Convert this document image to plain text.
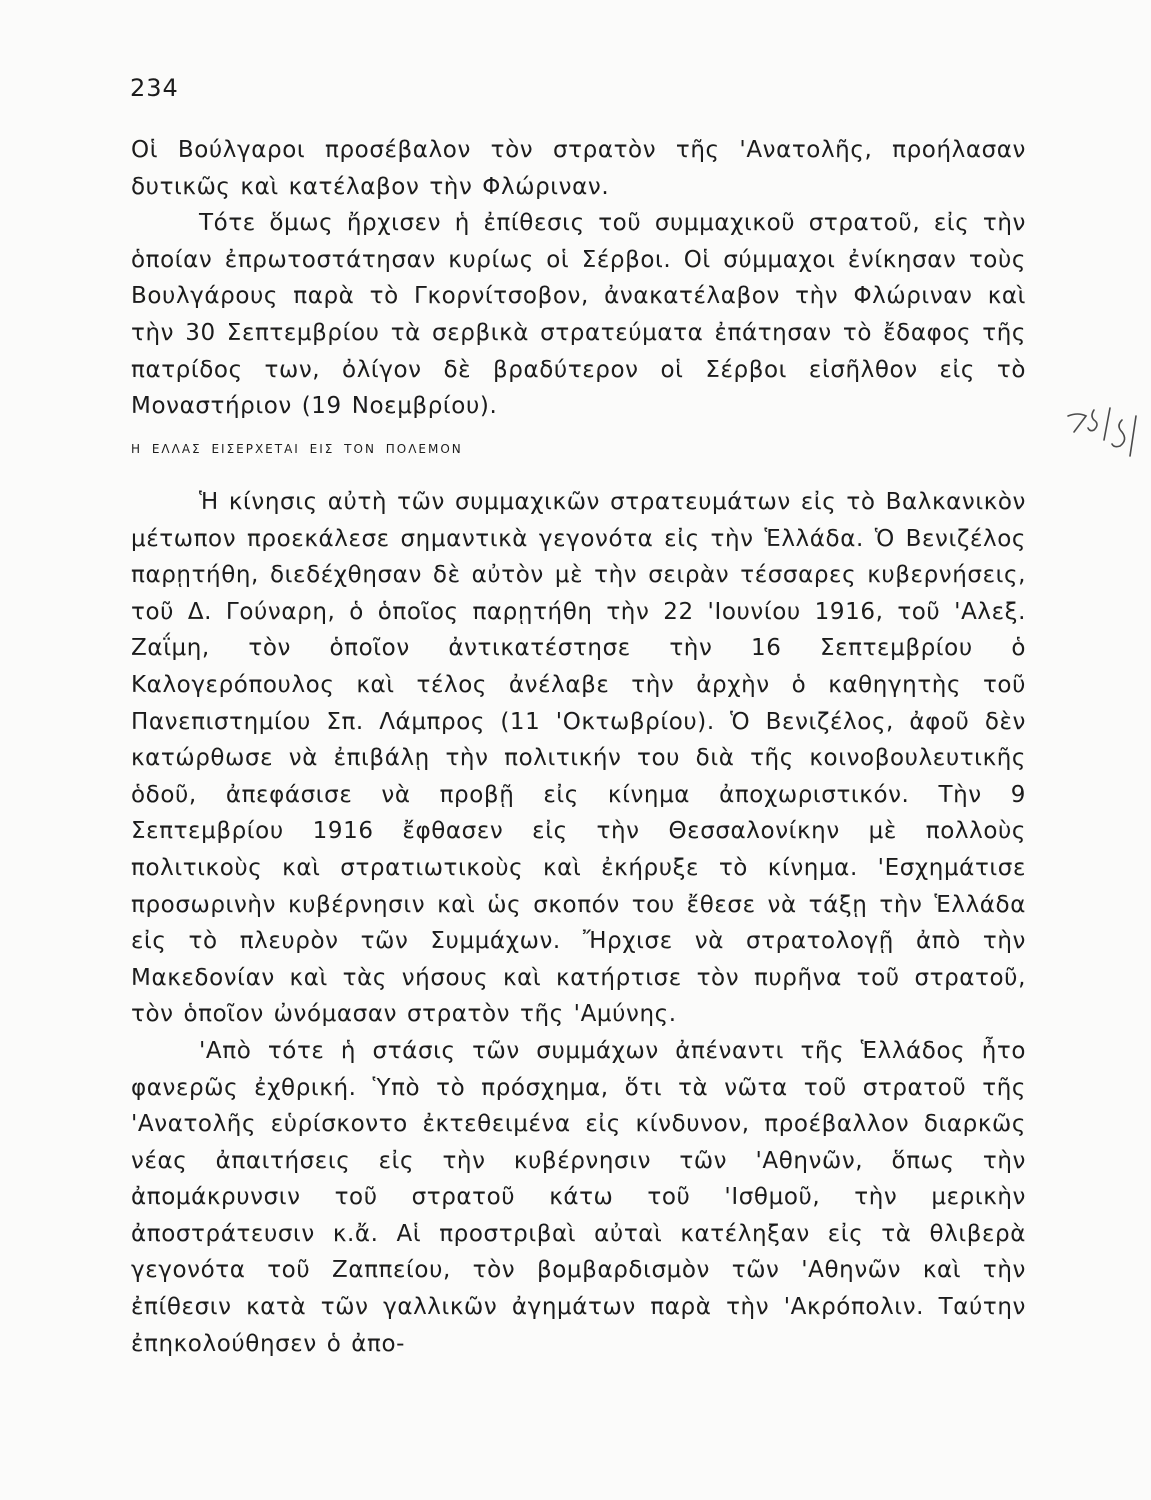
234

Οἱ Βούλγαροι προσέβαλον τὸν στρατὸν τῆς 'Ανατολῆς, προήλασαν δυτικῶς καὶ κατέλαβον τὴν Φλώριναν.

Τότε ὅμως ἤρχισεν ἡ ἐπίθεσις τοῦ συμμαχικοῦ στρατοῦ, εἰς τὴν ὁποίαν ἐπρωτοστάτησαν κυρίως οἱ Σέρβοι. Οἱ σύμμαχοι ἐνίκησαν τοὺς Βουλγάρους παρὰ τὸ Γκορνίτσοβον, ἀνακατέλαβον τὴν Φλώριναν καὶ τὴν 30 Σεπτεμβρίου τὰ σερβικὰ στρατεύματα ἐπάτησαν τὸ ἔδαφος τῆς πατρίδος των, ὀλίγον δὲ βραδύτερον οἱ Σέρβοι εἰσῆλθον εἰς τὸ Μοναστήριον (19 Νοεμβρίου).

Η ΕΛΛΑΣ ΕΙΣΕΡΧΕΤΑΙ ΕΙΣ ΤΟΝ ΠΟΛΕΜΟΝ

Ἡ κίνησις αὐτὴ τῶν συμμαχικῶν στρατευμάτων εἰς τὸ Βαλκανικὸν μέτωπον προεκάλεσε σημαντικὰ γεγονότα εἰς τὴν Ἑλλάδα. Ὁ Βενιζέλος παρῃτήθη, διεδέχθησαν δὲ αὐτὸν μὲ τὴν σειρὰν τέσσαρες κυβερνήσεις, τοῦ Δ. Γούναρη, ὁ ὁποῖος παρῃτήθη τὴν 22 'Ιουνίου 1916, τοῦ 'Αλεξ. Ζαΐμη, τὸν ὁποῖον ἀντικατέστησε τὴν 16 Σεπτεμβρίου ὁ Καλογερόπουλος καὶ τέλος ἀνέλαβε τὴν ἀρχὴν ὁ καθηγητὴς τοῦ Πανεπιστημίου Σπ. Λάμπρος (11 'Οκτωβρίου). Ὁ Βενιζέλος, ἀφοῦ δὲν κατώρθωσε νὰ ἐπιβάλῃ τὴν πολιτικήν του διὰ τῆς κοινοβουλευτικῆς ὁδοῦ, ἀπεφάσισε νὰ προβῇ εἰς κίνημα ἀποχωριστικόν. Τὴν 9 Σεπτεμβρίου 1916 ἔφθασεν εἰς τὴν Θεσσαλονίκην μὲ πολλοὺς πολιτικοὺς καὶ στρατιωτικοὺς καὶ ἐκήρυξε τὸ κίνημα. 'Εσχημάτισε προσωρινὴν κυβέρνησιν καὶ ὡς σκοπόν του ἔθεσε νὰ τάξῃ τὴν Ἑλλάδα εἰς τὸ πλευρὸν τῶν Συμμάχων. Ἤρχισε νὰ στρατολογῇ ἀπὸ τὴν Μακεδονίαν καὶ τὰς νήσους καὶ κατήρτισε τὸν πυρῆνα τοῦ στρατοῦ, τὸν ὁποῖον ὠνόμασαν στρατὸν τῆς 'Αμύνης.

'Απὸ τότε ἡ στάσις τῶν συμμάχων ἀπέναντι τῆς Ἑλλάδος ἦτο φανερῶς ἐχθρική. Ὑπὸ τὸ πρόσχημα, ὅτι τὰ νῶτα τοῦ στρατοῦ τῆς 'Ανατολῆς εὑρίσκοντο ἐκτεθειμένα εἰς κίνδυνον, προέβαλλον διαρκῶς νέας ἀπαιτήσεις εἰς τὴν κυβέρνησιν τῶν 'Αθηνῶν, ὅπως τὴν ἀπομάκρυνσιν τοῦ στρατοῦ κάτω τοῦ 'Ισθμοῦ, τὴν μερικὴν ἀποστράτευσιν κ.ἄ. Αἱ προστριβαὶ αὐταὶ κατέληξαν εἰς τὰ θλιβερὰ γεγονότα τοῦ Ζαππείου, τὸν βομβαρδισμὸν τῶν 'Αθηνῶν καὶ τὴν ἐπίθεσιν κατὰ τῶν γαλλικῶν ἀγημάτων παρὰ τὴν 'Ακρόπολιν. Ταύτην ἐπηκολούθησεν ὁ ἀπο-
